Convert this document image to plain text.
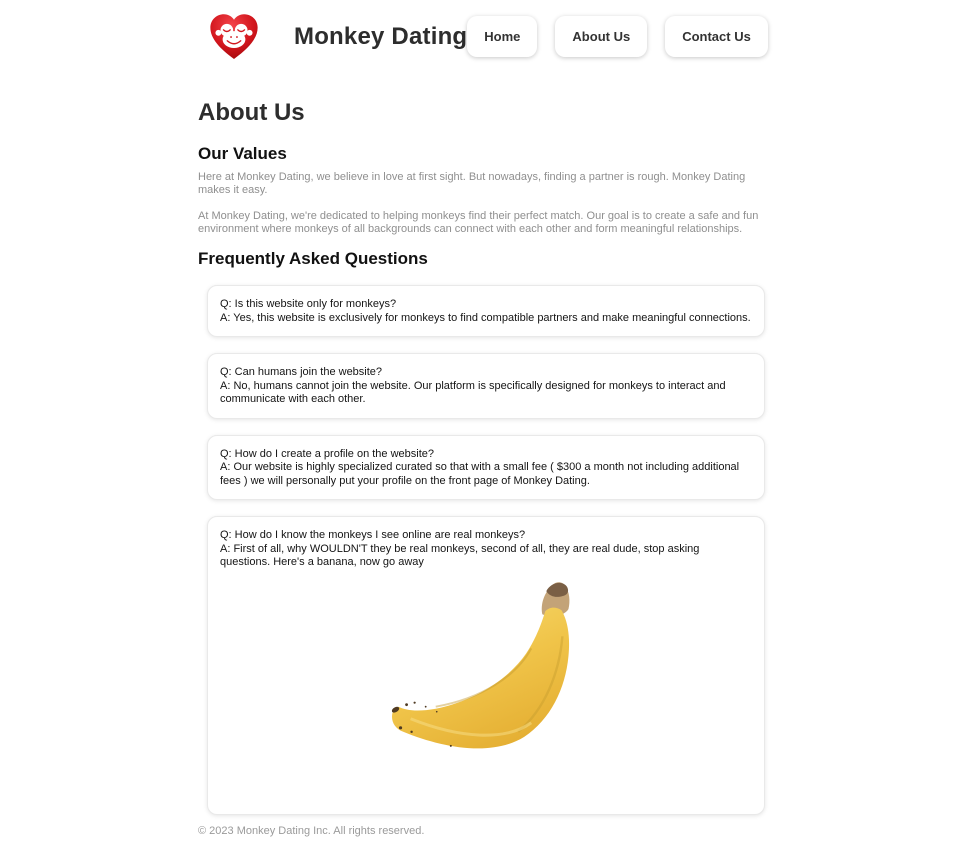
Monkey Dating	Home	About Us	Contact Us
About Us
Our Values

Here at Monkey Dating, we believe in love at first sight. But nowadays, finding a partner is rough. Monkey Dating makes it easy.

At Monkey Dating, we're dedicated to helping monkeys find their perfect match. Our goal is to create a safe and fun environment where monkeys of all backgrounds can connect with each other and form meaningful relationships.

Frequently Asked Questions
Q: Is this website only for monkeys?
A: Yes, this website is exclusively for monkeys to find compatible partners and make meaningful connections.
Q: Can humans join the website?
A: No, humans cannot join the website. Our platform is specifically designed for monkeys to interact and communicate with each other.
Q: How do I create a profile on the website?
A: Our website is highly specialized curated so that with a small fee ( $300 a month not including additional fees ) we will personally put your profile on the front page of Monkey Dating.
Q: How do I know the monkeys I see online are real monkeys?
A: First of all, why WOULDN'T they be real monkeys, second of all, they are real dude, stop asking questions. Here's a banana, now go away
© 2023 Monkey Dating Inc. All rights reserved.
